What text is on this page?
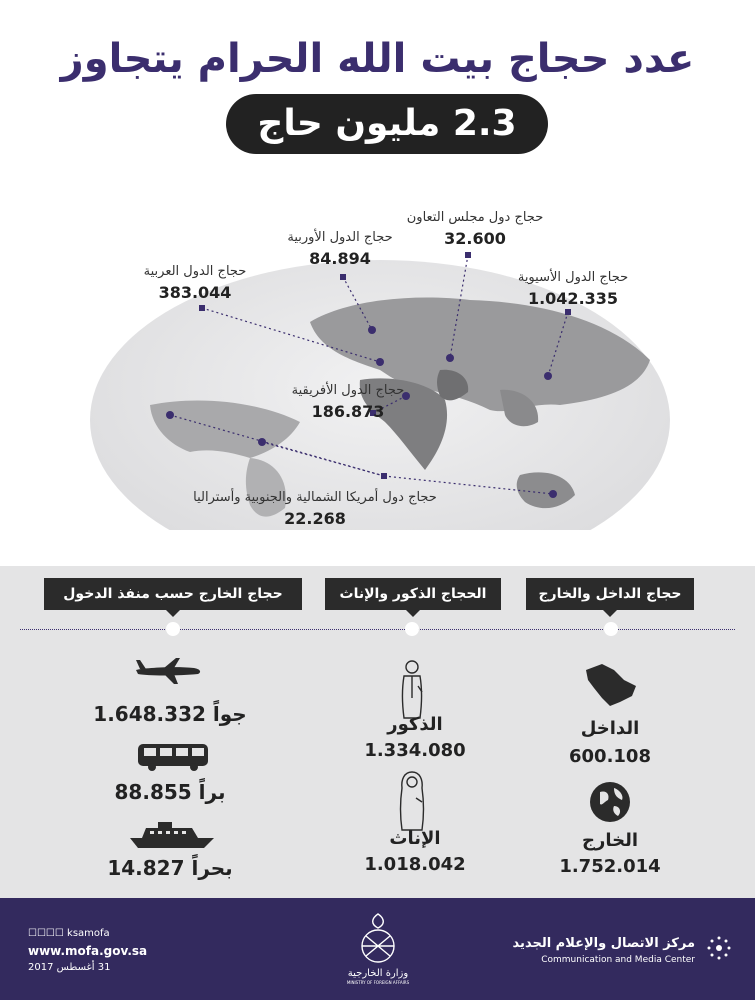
عدد حجاج بيت الله الحرام يتجاوز
2.3 مليون حاج
حجاج دول مجلس التعاون
32.600
حجاج الدول الأوربية
84.894
حجاج الدول العربية
383.044
حجاج الدول الأسيوية
1.042.335
حجاج الدول الأفريقية
186.873
حجاج دول أمريكا الشمالية والجنوبية وأستراليا
22.268
حجاج الداخل والخارج
الحجاج الذكور والإناث
حجاج الخارج حسب منفذ الدخول
الداخل
600.108
الخارج
1.752.014
الذكور
1.334.080
الإناث
1.018.042
جواً 1.648.332
براً 88.855
بحراً 14.827
☐☐☐☐ ksamofa
www.mofa.gov.sa
31 أغسطس 2017
وزارة الخارجية
MINISTRY OF FOREIGN AFFAIRS
مركز الاتصال والإعلام الجديد
Communication and Media Center
